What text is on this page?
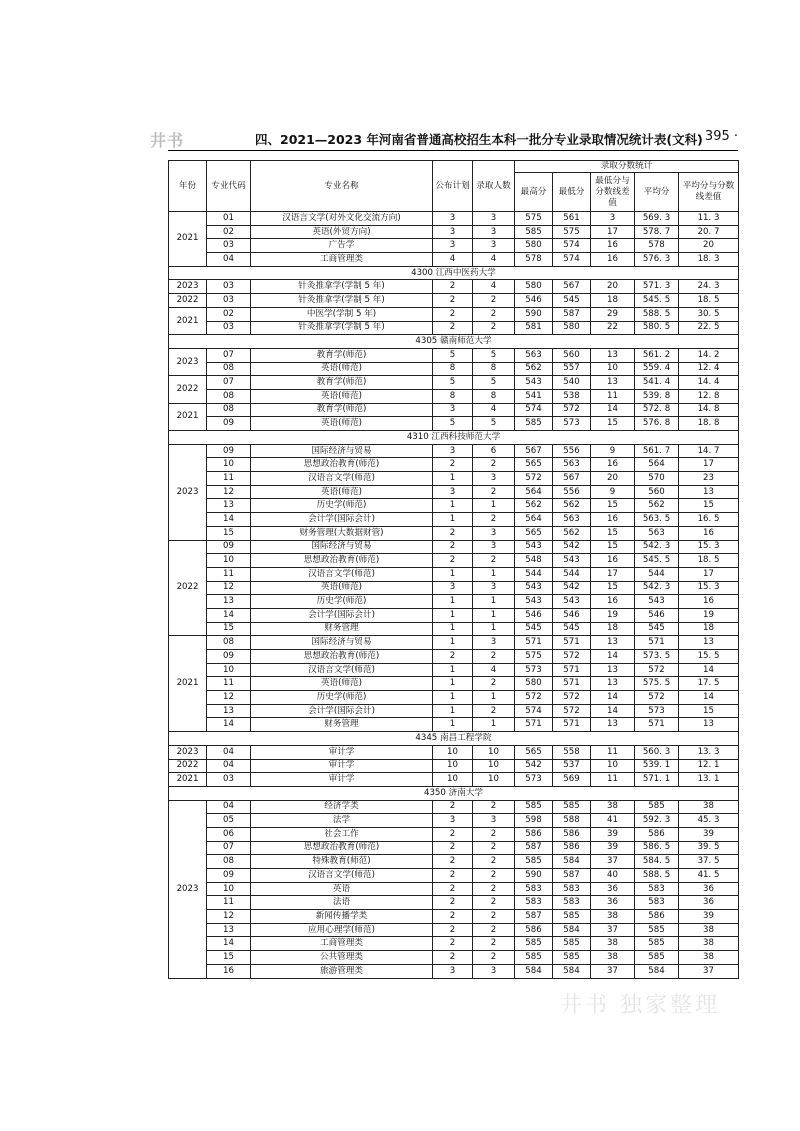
井书	四、2021—2023 年河南省普通高校招生本科一批分专业录取情况统计表(文科)
· 395 ·
年份	专业代码	专业名称	公布计划	录取人数	录取分数统计				
					最高分	最低分	最低分与分数线差值	平均分	平均分与分数线差值
2021	01	汉语言文学(对外文化交流方向)	3	3	575	561	3	569. 3	11. 3
	02	英语(外贸方向)	3	3	585	575	17	578. 7	20. 7
	03	广告学	3	3	580	574	16	578	20
	04	工商管理类	4	4	578	574	16	576. 3	18. 3
4300 江西中医药大学									
2023	03	针灸推拿学(学制 5 年)	2	4	580	567	20	571. 3	24. 3
2022	03	针灸推拿学(学制 5 年)	2	2	546	545	18	545. 5	18. 5
2021	02	中医学(学制 5 年)	2	2	590	587	29	588. 5	30. 5
	03	针灸推拿学(学制 5 年)	2	2	581	580	22	580. 5	22. 5
4305 赣南师范大学									
2023	07	教育学(师范)	5	5	563	560	13	561. 2	14. 2
	08	英语(师范)	8	8	562	557	10	559. 4	12. 4
2022	07	教育学(师范)	5	5	543	540	13	541. 4	14. 4
	08	英语(师范)	8	8	541	538	11	539. 8	12. 8
2021	08	教育学(师范)	3	4	574	572	14	572. 8	14. 8
	09	英语(师范)	5	5	585	573	15	576. 8	18. 8
4310 江西科技师范大学									
2023	09	国际经济与贸易	3	6	567	556	9	561. 7	14. 7
	10	思想政治教育(师范)	2	2	565	563	16	564	17
	11	汉语言文学(师范)	1	3	572	567	20	570	23
	12	英语(师范)	3	2	564	556	9	560	13
	13	历史学(师范)	1	1	562	562	15	562	15
	14	会计学(国际会计)	1	2	564	563	16	563. 5	16. 5
	15	财务管理(大数据财管)	2	3	565	562	15	563	16
2022	09	国际经济与贸易	2	3	543	542	15	542. 3	15. 3
	10	思想政治教育(师范)	2	2	548	543	16	545. 5	18. 5
	11	汉语言文学(师范)	1	1	544	544	17	544	17
	12	英语(师范)	3	3	543	542	15	542. 3	15. 3
	13	历史学(师范)	1	1	543	543	16	543	16
	14	会计学(国际会计)	1	1	546	546	19	546	19
	15	财务管理	1	1	545	545	18	545	18
2021	08	国际经济与贸易	1	3	571	571	13	571	13
	09	思想政治教育(师范)	2	2	575	572	14	573. 5	15. 5
	10	汉语言文学(师范)	1	4	573	571	13	572	14
	11	英语(师范)	1	2	580	571	13	575. 5	17. 5
	12	历史学(师范)	1	1	572	572	14	572	14
	13	会计学(国际会计)	1	2	574	572	14	573	15
	14	财务管理	1	1	571	571	13	571	13
4345 南昌工程学院									
2023	04	审计学	10	10	565	558	11	560. 3	13. 3
2022	04	审计学	10	10	542	537	10	539. 1	12. 1
2021	03	审计学	10	10	573	569	11	571. 1	13. 1
4350 济南大学									
2023	04	经济学类	2	2	585	585	38	585	38
	05	法学	3	3	598	588	41	592. 3	45. 3
	06	社会工作	2	2	586	586	39	586	39
	07	思想政治教育(师范)	2	2	587	586	39	586. 5	39. 5
	08	特殊教育(师范)	2	2	585	584	37	584. 5	37. 5
	09	汉语言文学(师范)	2	2	590	587	40	588. 5	41. 5
	10	英语	2	2	583	583	36	583	36
	11	法语	2	2	583	583	36	583	36
	12	新闻传播学类	2	2	587	585	38	586	39
	13	应用心理学(师范)	2	2	586	584	37	585	38
	14	工商管理类	2	2	585	585	38	585	38
	15	公共管理类	2	2	585	585	38	585	38
	16	旅游管理类	3	3	584	584	37	584	37
井书 独家整理
